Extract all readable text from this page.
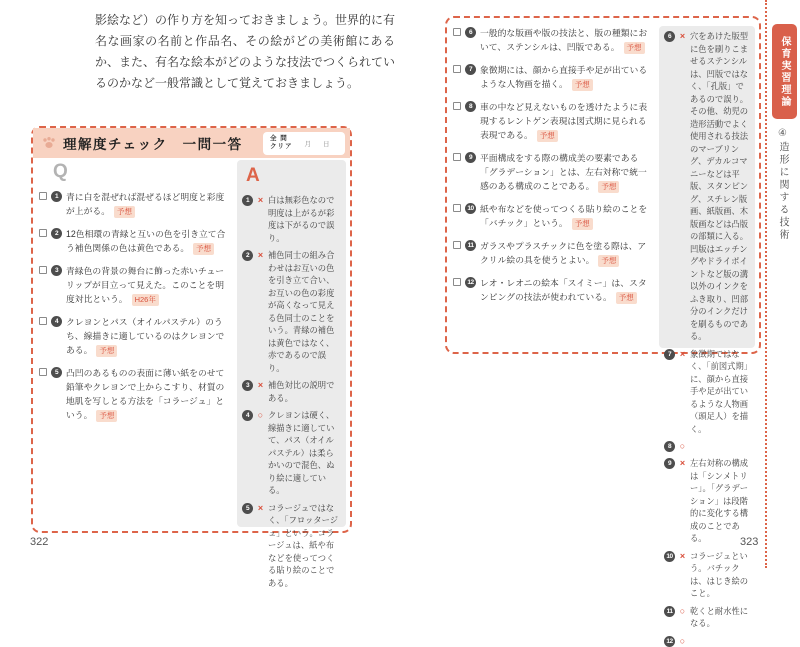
影絵など）の作り方を知っておきましょう。世界的に有名な画家の名前と作品名、その絵がどの美術館にあるか、また、有名な絵本がどのような技法でつくられているのかなど一般常識として覚えておきましょう。

理解度チェック　一問一答	全 問
クリア 月 日
Q
1 青に白を混ぜれば混ぜるほど明度と彩度が上がる。 予想

2 12色相環の青緑と互いの色を引き立て合う補色関係の色は黄色である。 予想

3 青緑色の背景の舞台に飾った赤いチューリップが目立って見えた。このことを明度対比という。 H26年

4 クレヨンとパス（オイルパステル）のうち、線描きに適しているのはクレヨンである。 予想

5 凸凹のあるものの表面に薄い紙をのせて鉛筆やクレヨンで上からこすり、材質の地肌を写しとる方法を「コラージュ」という。 予想

A
1 × 白は無彩色なので明度は上がるが彩度は下がるので誤り。

2 × 補色同士の組み合わせはお互いの色を引き立て合い、お互いの色の彩度が高くなって見える色同士のことをいう。青緑の補色は黄色ではなく、赤であるので誤り。

3 × 補色対比の説明である。

4 ○ クレヨンは硬く、線描きに適していて、パス（オイルパステル）は柔らかいので混色、ぬり絵に適している。

5 × コラージュではなく、「フロッタージュ」という。コラージュは、紙や布などを使ってつくる貼り絵のことである。

6 一般的な版画や版の技法と、版の種類において、ステンシルは、凹版である。 予想

7 象徴期には、顔から直接手や足が出ているような人物画を描く。 予想

8 車の中など見えないものを透けたように表現するレントゲン表現は図式期に見られる表現である。 予想

9 平面構成をする際の構成美の要素である「グラデーション」とは、左右対称で統一感のある構成のことである。 予想

10 紙や布などを使ってつくる貼り絵のことを「バチック」という。 予想

11 ガラスやプラスチックに色を塗る際は、アクリル絵の具を使うとよい。 予想

12 レオ・レオニの絵本「スイミー」は、スタンピングの技法が使われている。 予想

6 × 穴をあけた版型に色を刷りこませるステンシルは、凹版ではなく、「孔版」であるので誤り。その他、幼児の造形活動でよく使用される技法のマーブリング、デカルコマニーなどは平版、スタンピング、スチレン版画、紙版画、木版画などは凸版の部類に入る。凹版はエッチングやドライポイントなど版の溝以外のインクをふき取り、凹部分のインクだけを刷るものである。

7 × 象徴期ではなく、「前図式期」に、顔から直接手や足が出ているような人物画（頭足人）を描く。

8 ○

9 × 左右対称の構成は「シンメトリー」。「グラデーション」は段階的に変化する構成のことである。

10 × コラージュという。バチックは、はじき絵のこと。

11 ○ 乾くと耐水性になる。

12 ○

322	323
保育実習理論
④造形に関する技術
